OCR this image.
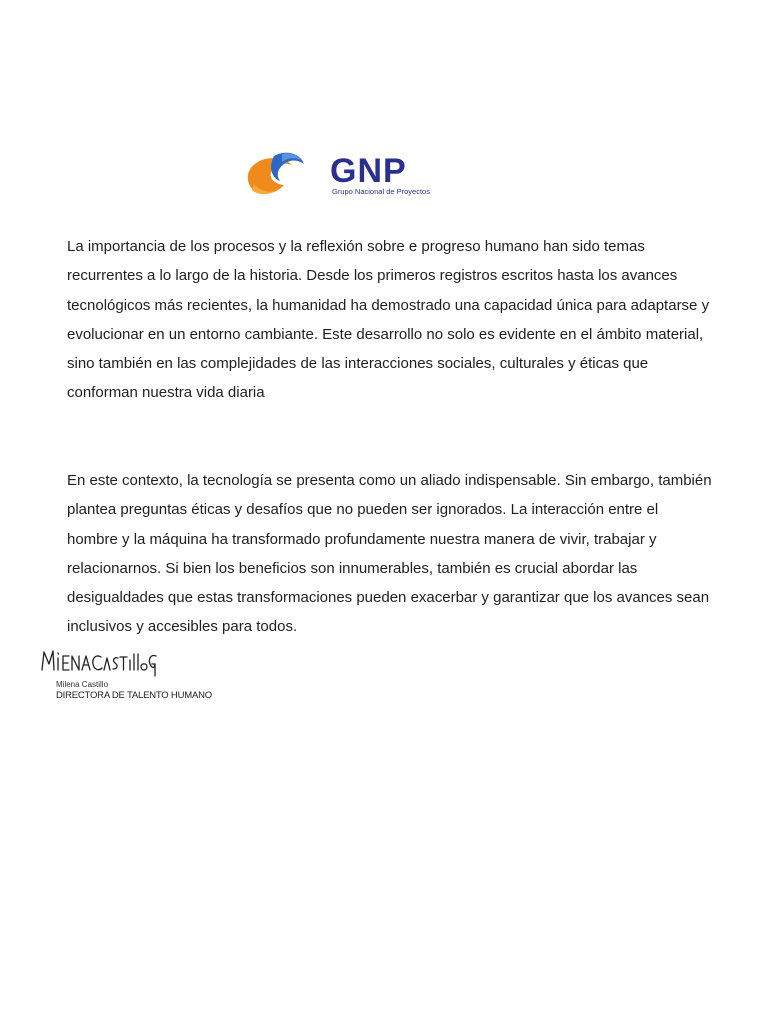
GNP
Grupo Nacional de Proyectos

La importancia de los procesos y la reflexión sobre e progreso humano han sido temas recurrentes a lo largo de la historia. Desde los primeros registros escritos hasta los avances tecnológicos más recientes, la humanidad ha demostrado una capacidad única para adaptarse y evolucionar en un entorno cambiante. Este desarrollo no solo es evidente en el ámbito material, sino también en las complejidades de las interacciones sociales, culturales y éticas que conforman nuestra vida diaria

En este contexto, la tecnología se presenta como un aliado indispensable. Sin embargo, también plantea preguntas éticas y desafíos que no pueden ser ignorados. La interacción entre el hombre y la máquina ha transformado profundamente nuestra manera de vivir, trabajar y relacionarnos. Si bien los beneficios son innumerables, también es crucial abordar las desigualdades que estas transformaciones pueden exacerbar y garantizar que los avances sean inclusivos y accesibles para todos.

Milena Castillo
DIRECTORA DE TALENTO HUMANO
